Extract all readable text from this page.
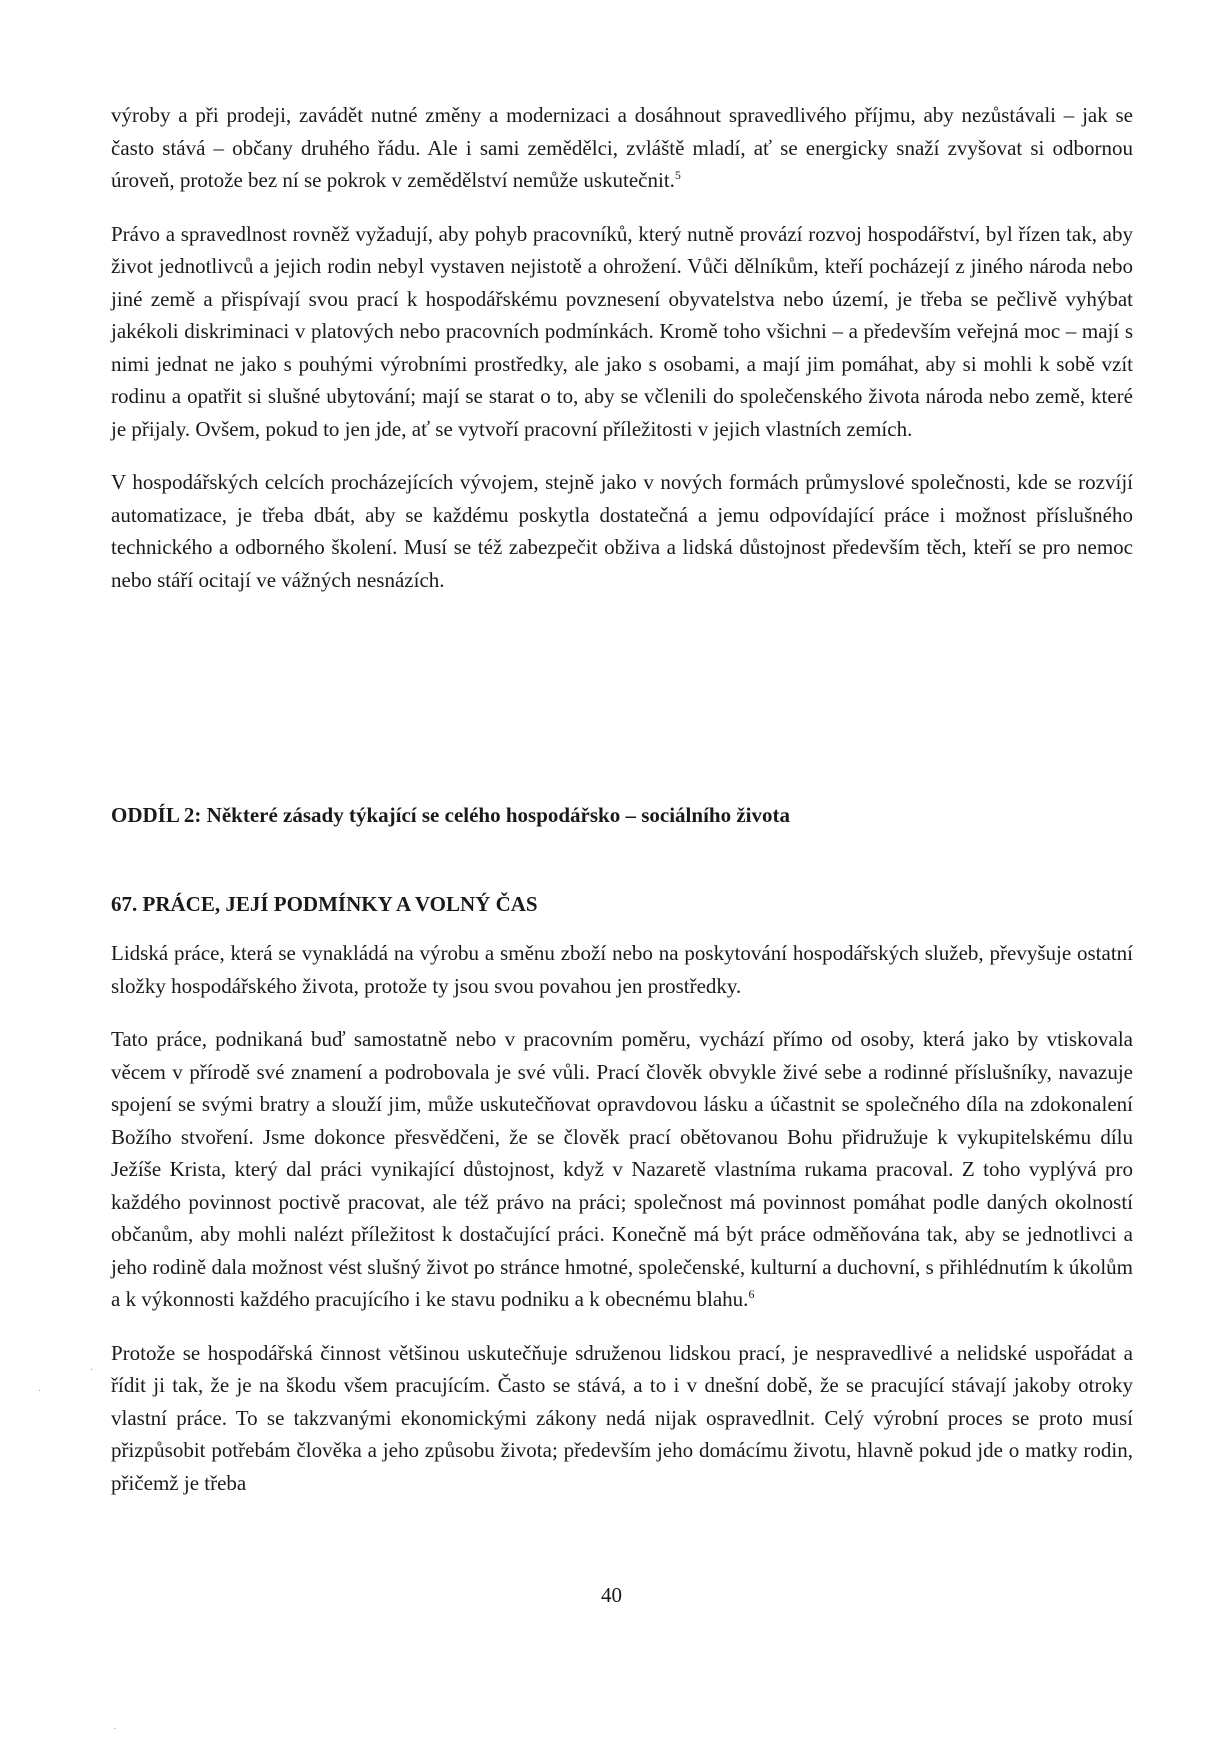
výroby a při prodeji, zavádět nutné změny a modernizaci a dosáhnout spravedlivého příjmu, aby nezůstávali – jak se často stává – občany druhého řádu. Ale i sami zemědělci, zvláště mladí, ať se energicky snaží zvyšovat si odbornou úroveň, protože bez ní se pokrok v zemědělství nemůže uskutečnit.$^5$

Právo a spravedlnost rovněž vyžadují, aby pohyb pracovníků, který nutně provází rozvoj hospodářství, byl řízen tak, aby život jednotlivců a jejich rodin nebyl vystaven nejistotě a ohrožení. Vůči dělníkům, kteří pocházejí z jiného národa nebo jiné země a přispívají svou prací k hospodářskému povznesení obyvatelstva nebo území, je třeba se pečlivě vyhýbat jakékoli diskriminaci v platových nebo pracovních podmínkách. Kromě toho všichni – a především veřejná moc – mají s nimi jednat ne jako s pouhými výrobními prostředky, ale jako s osobami, a mají jim pomáhat, aby si mohli k sobě vzít rodinu a opatřit si slušné ubytování; mají se starat o to, aby se včlenili do společenského života národa nebo země, které je přijaly. Ovšem, pokud to jen jde, ať se vytvoří pracovní příležitosti v jejich vlastních zemích.

V hospodářských celcích procházejících vývojem, stejně jako v nových formách průmyslové společnosti, kde se rozvíjí automatizace, je třeba dbát, aby se každému poskytla dostatečná a jemu odpovídající práce i možnost příslušného technického a odborného školení. Musí se též zabezpečit obživa a lidská důstojnost především těch, kteří se pro nemoc nebo stáří ocitají ve vážných nesnázích.

ODDÍL 2: Některé zásady týkající se celého hospodářsko – sociálního života
67. PRÁCE, JEJÍ PODMÍNKY A VOLNÝ ČAS

Lidská práce, která se vynakládá na výrobu a směnu zboží nebo na poskytování hospodářských služeb, převyšuje ostatní složky hospodářského života, protože ty jsou svou povahou jen prostředky.

Tato práce, podnikaná buď samostatně nebo v pracovním poměru, vychází přímo od osoby, která jako by vtiskovala věcem v přírodě své znamení a podrobovala je své vůli. Prací člověk obvykle živé sebe a rodinné příslušníky, navazuje spojení se svými bratry a slouží jim, může uskutečňovat opravdovou lásku a účastnit se společného díla na zdokonalení Božího stvoření. Jsme dokonce přesvědčeni, že se člověk prací obětovanou Bohu přidružuje k vykupitelskému dílu Ježíše Krista, který dal práci vynikající důstojnost, když v Nazaretě vlastníma rukama pracoval. Z toho vyplývá pro každého povinnost poctivě pracovat, ale též právo na práci; společnost má povinnost pomáhat podle daných okolností občanům, aby mohli nalézt příležitost k dostačující práci. Konečně má být práce odměňována tak, aby se jednotlivci a jeho rodině dala možnost vést slušný život po stránce hmotné, společenské, kulturní a duchovní, s přihlédnutím k úkolům a k výkonnosti každého pracujícího i ke stavu podniku a k obecnému blahu.$^6$

Protože se hospodářská činnost většinou uskutečňuje sdruženou lidskou prací, je nespravedlivé a nelidské uspořádat a řídit ji tak, že je na škodu všem pracujícím. Často se stává, a to i v dnešní době, že se pracující stávají jakoby otroky vlastní práce. To se takzvanými ekonomickými zákony nedá nijak ospravedlnit. Celý výrobní proces se proto musí přizpůsobit potřebám člověka a jeho způsobu života; především jeho domácímu životu, hlavně pokud jde o matky rodin, přičemž je třeba

40
·
·
·
